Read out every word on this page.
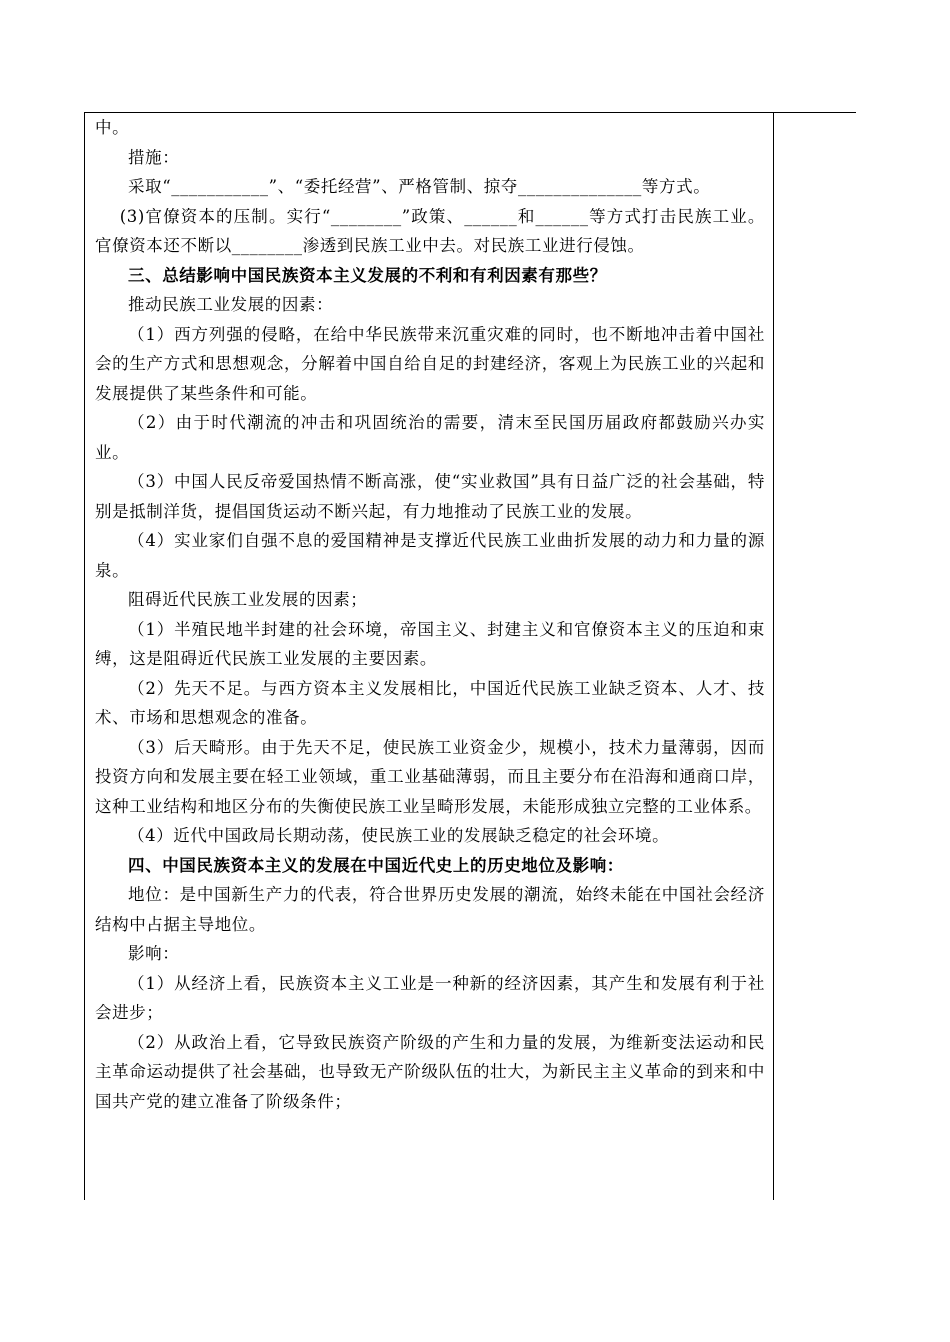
中。

措施：

采取“___________”、“委托经营”、严格管制、掠夺______________等方式。

(3)官僚资本的压制。实行“________”政策、______和______等方式打击民族工业。官僚资本还不断以________渗透到民族工业中去。对民族工业进行侵蚀。

三、总结影响中国民族资本主义发展的不利和有利因素有那些？

推动民族工业发展的因素：

（1）西方列强的侵略，在给中华民族带来沉重灾难的同时，也不断地冲击着中国社会的生产方式和思想观念，分解着中国自给自足的封建经济，客观上为民族工业的兴起和发展提供了某些条件和可能。

（2）由于时代潮流的冲击和巩固统治的需要，清末至民国历届政府都鼓励兴办实业。

（3）中国人民反帝爱国热情不断高涨，使“实业救国”具有日益广泛的社会基础，特别是抵制洋货，提倡国货运动不断兴起，有力地推动了民族工业的发展。

（4）实业家们自强不息的爱国精神是支撑近代民族工业曲折发展的动力和力量的源泉。

阻碍近代民族工业发展的因素；

（1）半殖民地半封建的社会环境，帝国主义、封建主义和官僚资本主义的压迫和束缚，这是阻碍近代民族工业发展的主要因素。

（2）先天不足。与西方资本主义发展相比，中国近代民族工业缺乏资本、人才、技术、市场和思想观念的准备。

（3）后天畸形。由于先天不足，使民族工业资金少，规模小，技术力量薄弱，因而投资方向和发展主要在轻工业领域，重工业基础薄弱，而且主要分布在沿海和通商口岸，这种工业结构和地区分布的失衡使民族工业呈畸形发展，未能形成独立完整的工业体系。

（4）近代中国政局长期动荡，使民族工业的发展缺乏稳定的社会环境。

四、中国民族资本主义的发展在中国近代史上的历史地位及影响：

地位：是中国新生产力的代表，符合世界历史发展的潮流，始终未能在中国社会经济结构中占据主导地位。

影响：

（1）从经济上看，民族资本主义工业是一种新的经济因素，其产生和发展有利于社会进步；

（2）从政治上看，它导致民族资产阶级的产生和力量的发展，为维新变法运动和民主革命运动提供了社会基础，也导致无产阶级队伍的壮大，为新民主主义革命的到来和中国共产党的建立准备了阶级条件；
